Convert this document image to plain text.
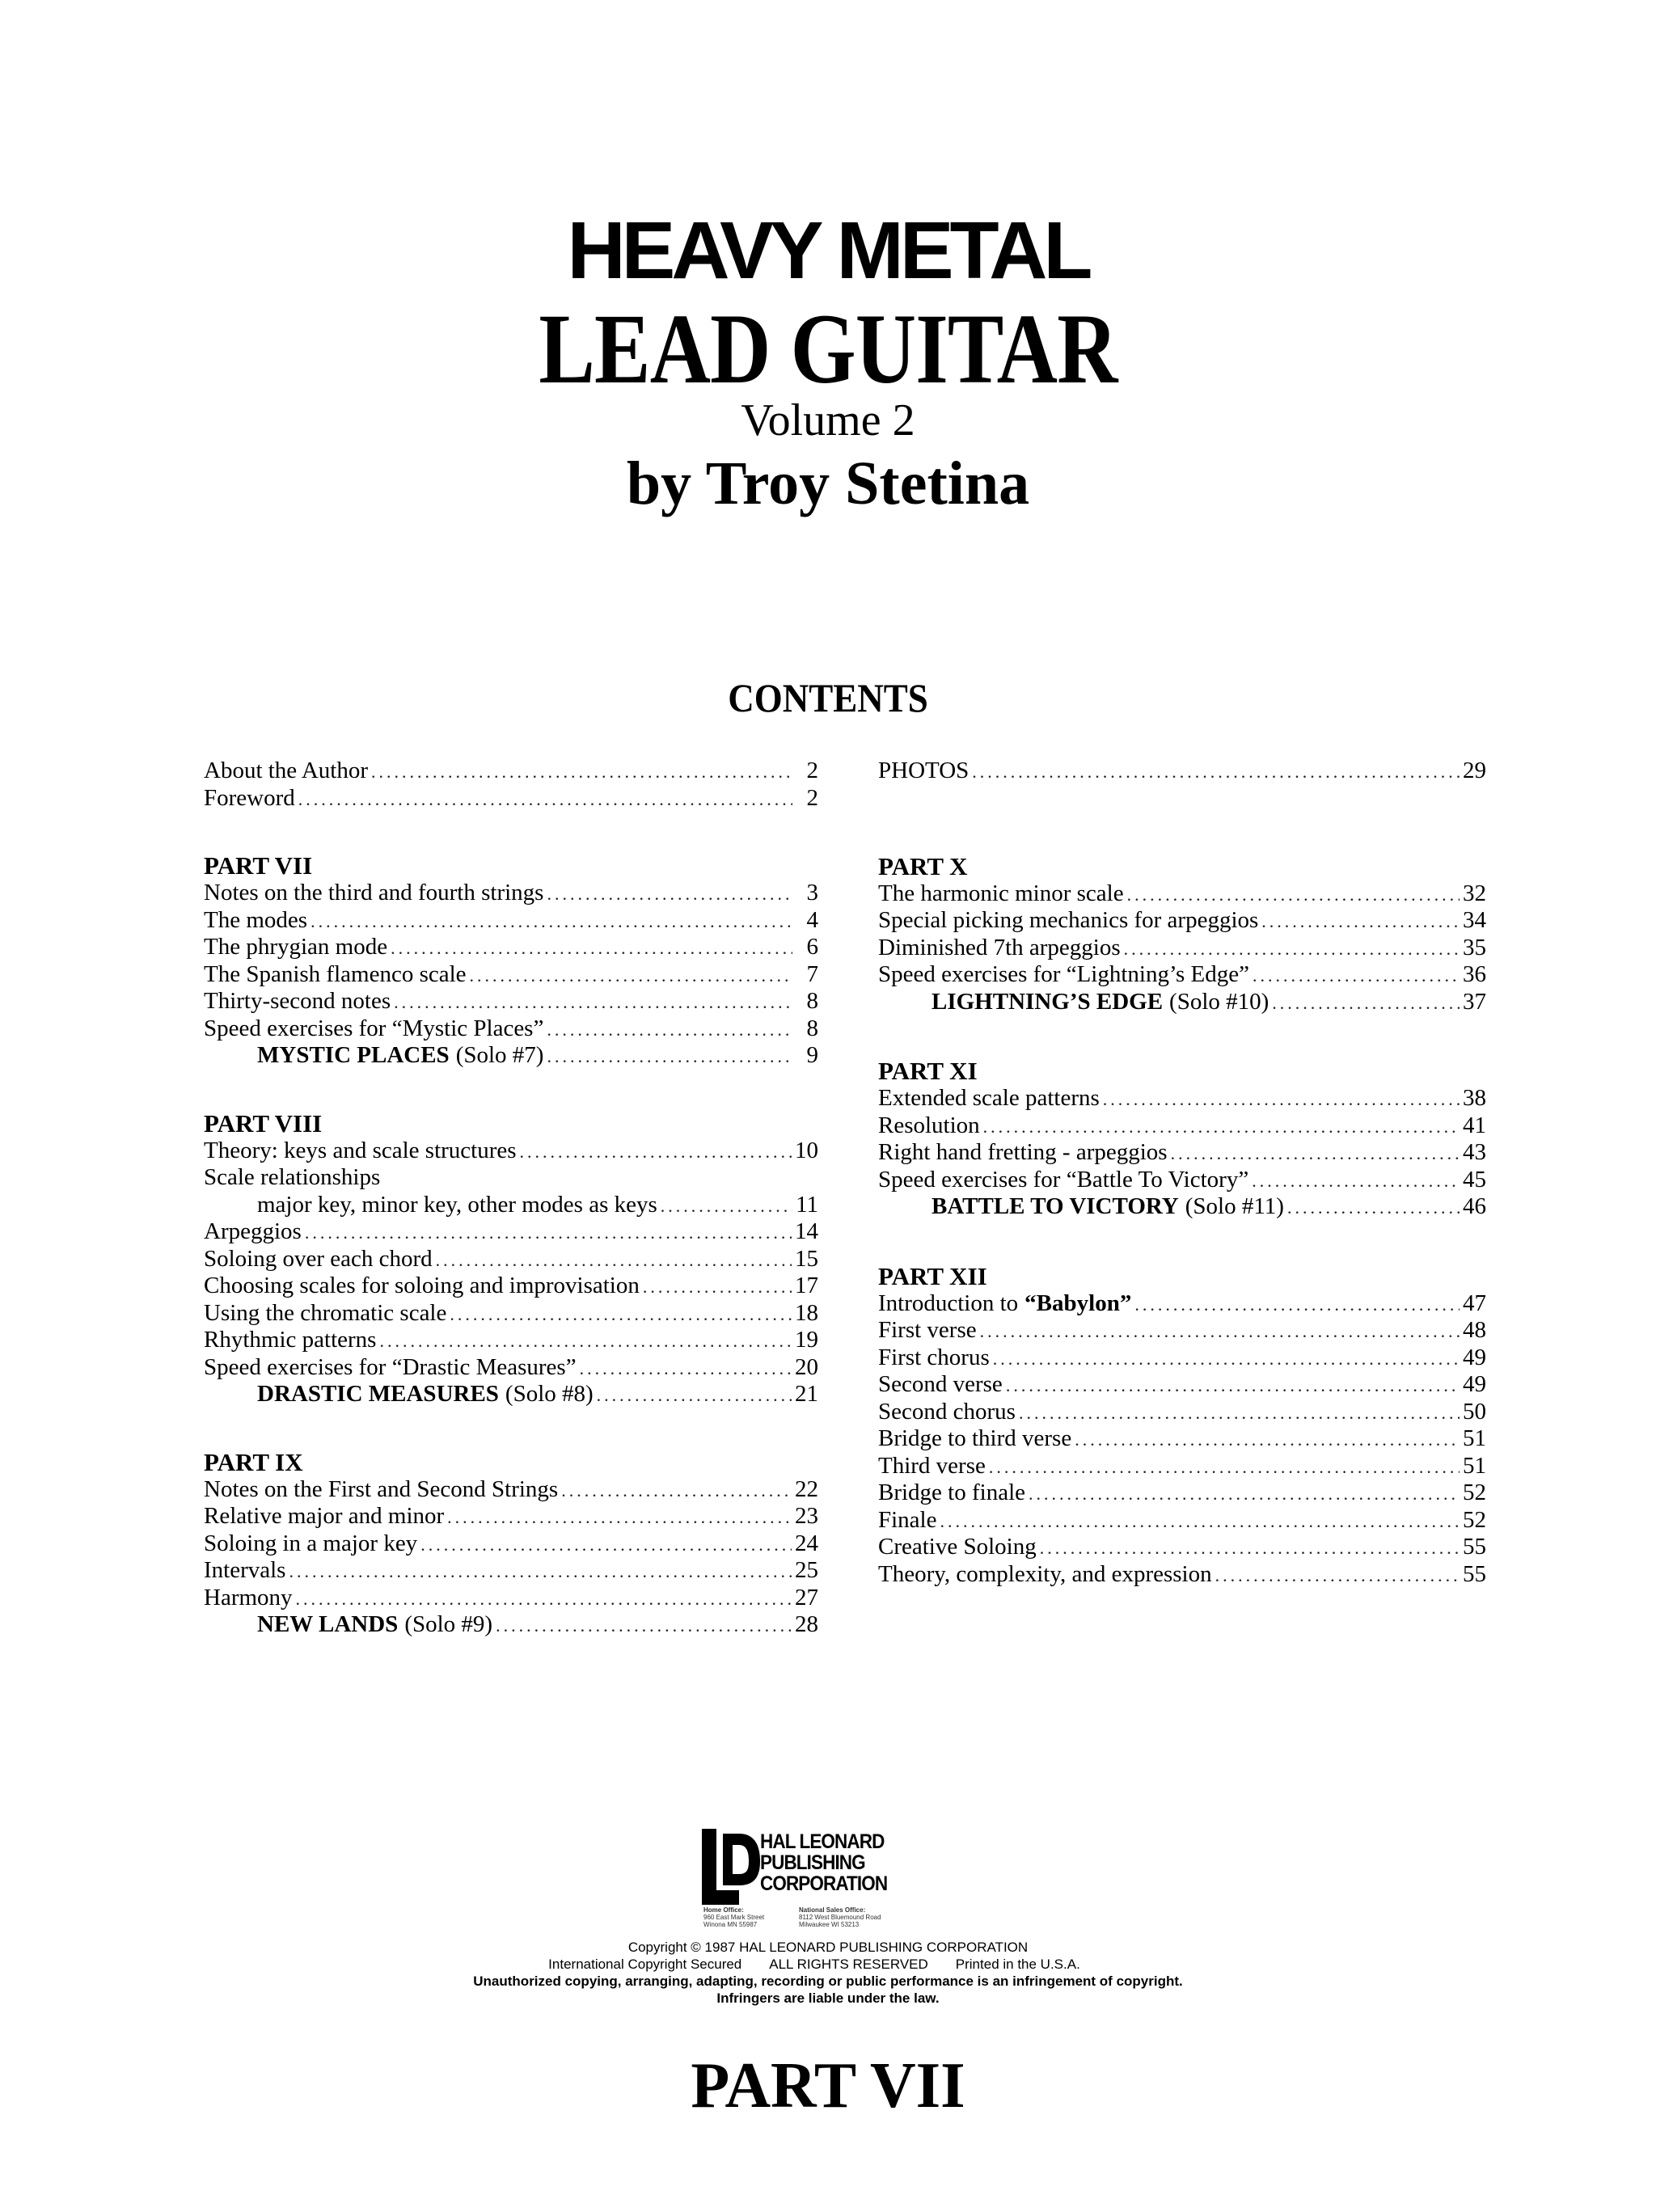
HEAVY METAL
LEAD GUITAR
Volume 2
by Troy Stetina
CONTENTS
About the Author .....	2
Foreword .....	2
PART VII
Notes on the third and fourth strings .....	3
The modes .....	4
The phrygian mode .....	6
The Spanish flamenco scale .....	7
Thirty-second notes .....	8
Speed exercises for “Mystic Places” .....	8
MYSTIC PLACES (Solo #7) .....	9
PART VIII
Theory: keys and scale structures .....	10
Scale relationships
major key, minor key, other modes as keys .....	11
Arpeggios .....	14
Soloing over each chord .....	15
Choosing scales for soloing and improvisation .....	17
Using the chromatic scale .....	18
Rhythmic patterns .....	19
Speed exercises for “Drastic Measures” .....	20
DRASTIC MEASURES (Solo #8) .....	21
PART IX
Notes on the First and Second Strings .....	22
Relative major and minor .....	23
Soloing in a major key .....	24
Intervals .....	25
Harmony .....	27
NEW LANDS (Solo #9) .....	28
PHOTOS .....	29
PART X
The harmonic minor scale .....	32
Special picking mechanics for arpeggios .....	34
Diminished 7th arpeggios .....	35
Speed exercises for “Lightning’s Edge” .....	36
LIGHTNING’S EDGE (Solo #10) .....	37
PART XI
Extended scale patterns .....	38
Resolution .....	41
Right hand fretting - arpeggios .....	43
Speed exercises for “Battle To Victory” .....	45
BATTLE TO VICTORY (Solo #11) .....	46
PART XII
Introduction to “Babylon” .....	47
First verse .....	48
First chorus .....	49
Second verse .....	49
Second chorus .....	50
Bridge to third verse .....	51
Third verse .....	51
Bridge to finale .....	52
Finale .....	52
Creative Soloing .....	55
Theory, complexity, and expression .....	55
HAL LEONARD
PUBLISHING
CORPORATION
Home Office:
960 East Mark Street
Winona MN 55987
National Sales Office:
8112 West Bluemound Road
Milwaukee WI 53213
Copyright © 1987 HAL LEONARD PUBLISHING CORPORATION
International Copyright Secured ALL RIGHTS RESERVED Printed in the U.S.A.
Unauthorized copying, arranging, adapting, recording or public performance is an infringement of copyright.
Infringers are liable under the law.
PART VII
